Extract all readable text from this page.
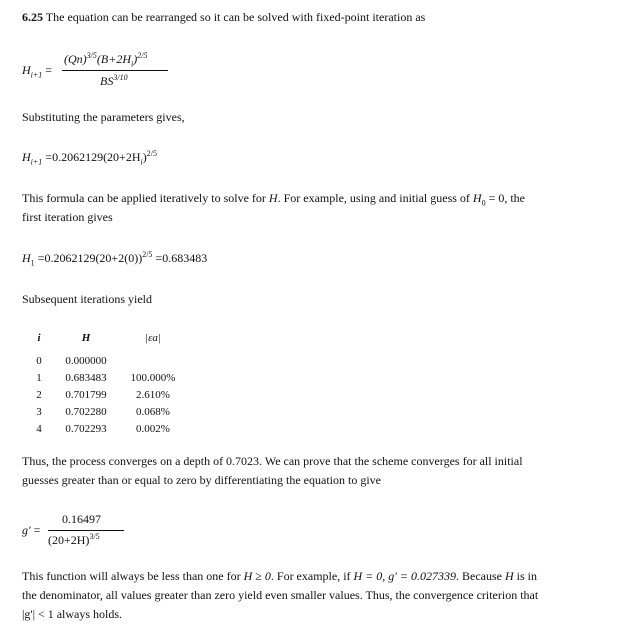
6.25 The equation can be rearranged so it can be solved with fixed-point iteration as
$H_{i+1}$ =
$(Qn)^{3/5}(B+2H_i)^{2/5}$
$BS^{3/10}$
Substituting the parameters gives,
$H_{i+1} =0.2062129(20+2H_i)^{2/5}$
This formula can be applied iteratively to solve for H. For example, using and initial guess of $H_0 = 0$, the
first iteration gives
$H_1 =0.2062129(20+2(0))^{2/5} =0.683483$
Subsequent iterations yield
i	H	|εa|
0	0.000000	
1	0.683483	100.000%
2	0.701799	2.610%
3	0.702280	0.068%
4	0.702293	0.002%
Thus, the process converges on a depth of 0.7023. We can prove that the scheme converges for all initial
guesses greater than or equal to zero by differentiating the equation to give
g' =
0.16497
$(20+2H)^{3/5}$
This function will always be less than one for H ≥ 0. For example, if H = 0, g' = 0.027339. Because H is in
the denominator, all values greater than zero yield even smaller values. Thus, the convergence criterion that
|g'| < 1 always holds.
